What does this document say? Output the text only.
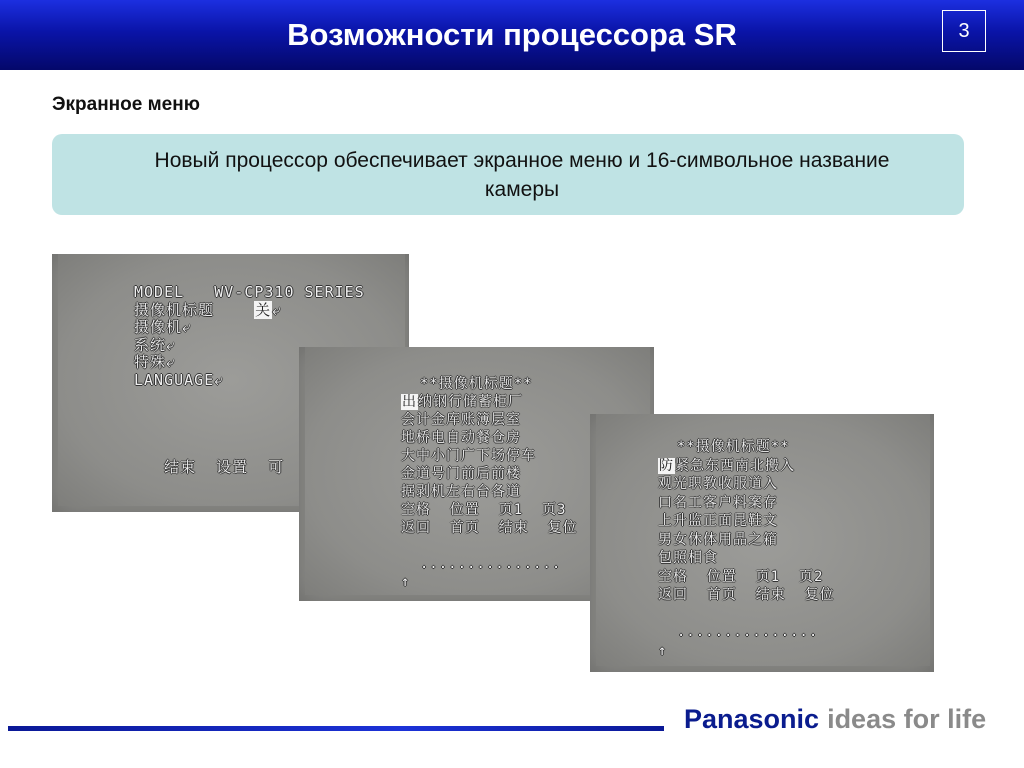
Возможности процессора SR	3
Экранное меню
Новый процессор обеспечивает экранное меню и 16-символьное название камеры
MODEL   WV-CP310 SERIES
摄像机标题    关⤶
摄像机⤶
系统⤶
特殊⤶
LANGUAGE⤶

结束  设置  可
**摄像机标题**
出纳钢行储蓄柜厂
会计金库账簿层室
地桥电自动餐仓房
大中小门广下场停车
金道号门前后前楼
据剥机左右台各道
空格  位置  页1  页3
返回  首页  结束  复位

...............
↑
**摄像机标题**
防紧急东西南北搬入
观光职教收服道入
口名工客户料案存
上升监正面昆鞋文
男女休体用品之箱
包照相食
空格  位置  页1  页2
返回  首页  结束  复位

...............
↑
Panasonic ideas for life
